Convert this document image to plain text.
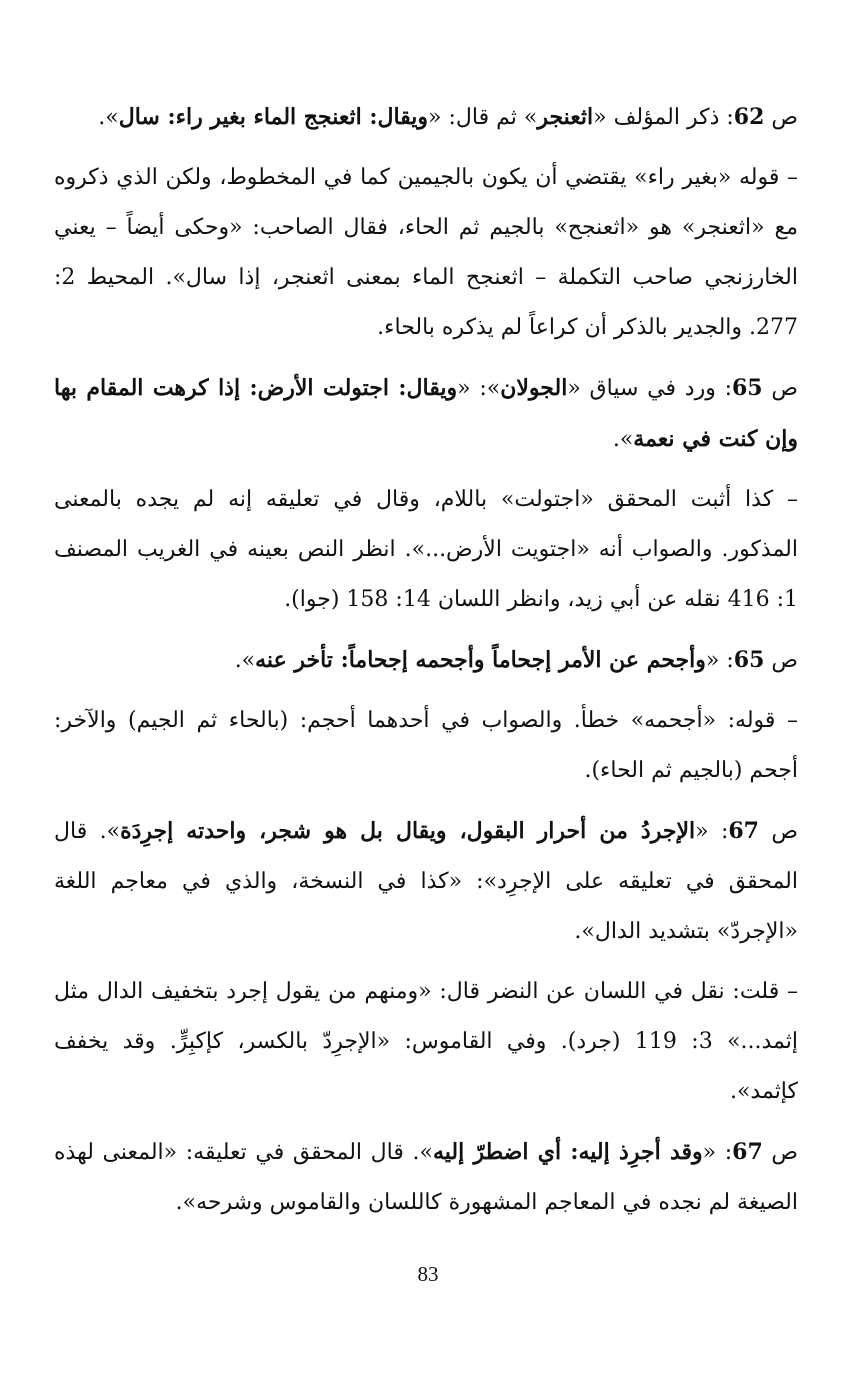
ص 62: ذكر المؤلف «اثعنجر» ثم قال: «ويقال: اثعنجج الماء بغير راء: سال».

– قوله «بغير راء» يقتضي أن يكون بالجيمين كما في المخطوط، ولكن الذي ذكروه مع «اثعنجر» هو «اثعنجح» بالجيم ثم الحاء، فقال الصاحب: «وحكى أيضاً – يعني الخارزنجي صاحب التكملة – اثعنجح الماء بمعنى اثعنجر، إذا سال». المحيط 2: 277. والجدير بالذكر أن كراعاً لم يذكره بالحاء.

ص 65: ورد في سياق «الجولان»: «ويقال: اجتولت الأرض: إذا كرهت المقام بها وإن كنت في نعمة».

– كذا أثبت المحقق «اجتولت» باللام، وقال في تعليقه إنه لم يجده بالمعنى المذكور. والصواب أنه «اجتويت الأرض...». انظر النص بعينه في الغريب المصنف 1: 416 نقله عن أبي زيد، وانظر اللسان 14: 158 (جوا).

ص 65: «وأجحم عن الأمر إجحاماً وأجحمه إجحاماً: تأخر عنه».

– قوله: «أجحمه» خطأ. والصواب في أحدهما أحجم: (بالحاء ثم الجيم) والآخر: أجحم (بالجيم ثم الحاء).

ص 67: «الإجردُ من أحرار البقول، ويقال بل هو شجر، واحدته إجرِدَة». قال المحقق في تعليقه على الإجرِد»: «كذا في النسخة، والذي في معاجم اللغة «الإجردّ» بتشديد الدال».

– قلت: نقل في اللسان عن النضر قال: «ومنهم من يقول إجرد بتخفيف الدال مثل إثمد...» 3: 119 (جرد). وفي القاموس: «الإجرِدّ بالكسر، كإكبِرٍّ. وقد يخفف كإثمد».

ص 67: «وقد أجرِذ إليه: أي اضطرّ إليه». قال المحقق في تعليقه: «المعنى لهذه الصيغة لم نجده في المعاجم المشهورة كاللسان والقاموس وشرحه».

83
